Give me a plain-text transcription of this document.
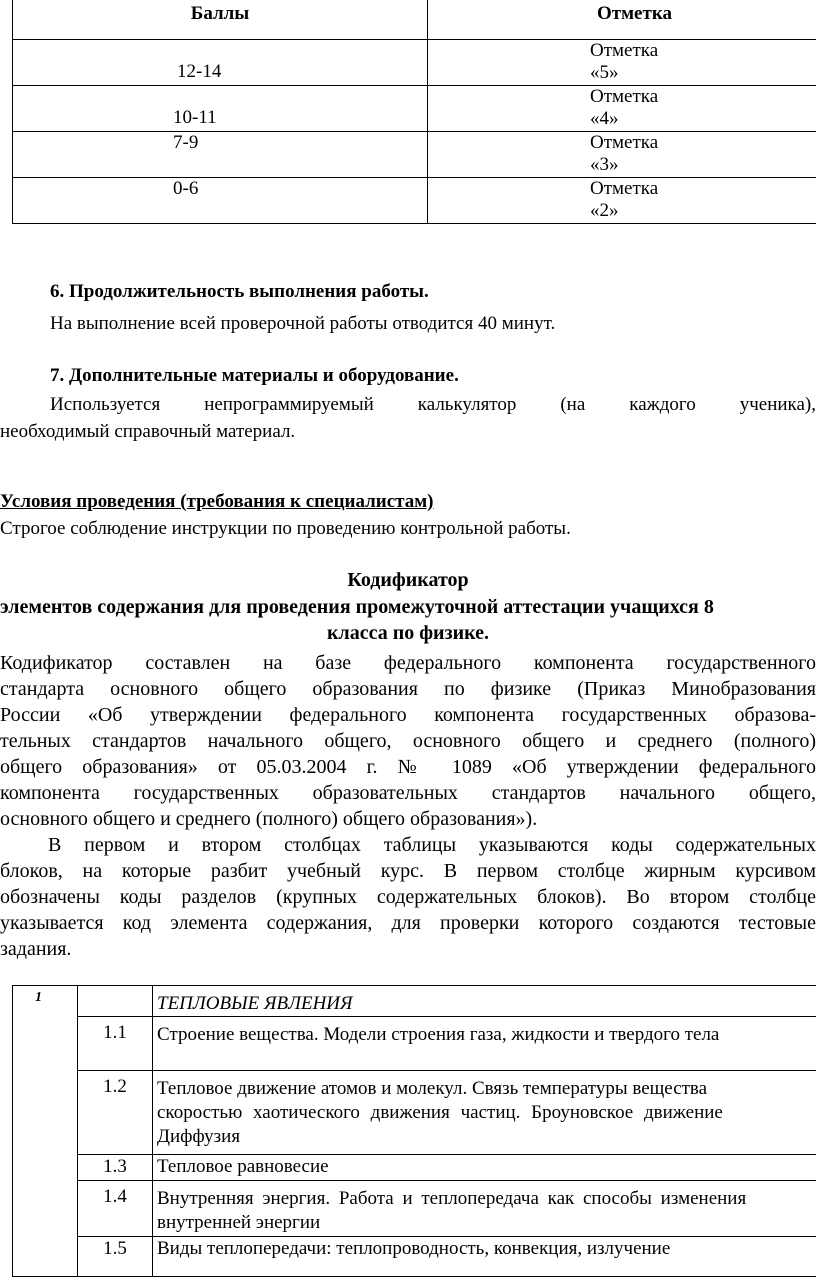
Баллы	Отметка

12-14	Отметка
«5»

10-11	Отметка
«4»

7-9	Отметка
«3»

0-6	Отметка
«2»
6. Продолжительность выполнения работы.
На выполнение всей проверочной работы отводится 40 минут.
7. Дополнительные материалы и оборудование.
Используется непрограммируемый калькулятор (на каждого ученика),
необходимый справочный материал.
Условия проведения (требования к специалистам)
Строгое соблюдение инструкции по проведению контрольной работы.
Кодификатор
элементов содержания для проведения промежуточной аттестации учащихся 8
класса по физике.
Кодификатор составлен на базе федерального компонента государственного
стандарта основного общего образования по физике (Приказ Минобразования
России «Об утверждении федерального компонента государственных образова-
тельных стандартов начального общего, основного общего и среднего (полного)
общего образования» от 05.03.2004 г. № 1089 «Об утверждении федерального
компонента государственных образовательных стандартов начального общего,
основного общего и среднего (полного) общего образования»).
В первом и втором столбцах таблицы указываются коды содержательных
блоков, на которые разбит учебный курс. В первом столбце жирным курсивом
обозначены коды разделов (крупных содержательных блоков). Во втором столбце
указывается код элемента содержания, для проверки которого создаются тестовые
задания.
1		ТЕПЛОВЫЕ ЯВЛЕНИЯ
	1.1	Строение вещества. Модели строения газа, жидкости и твердого тела

	1.2	Тепловое движение атомов и молекул. Связь температуры вещества
скоростью хаотического движения частиц. Броуновское движение
Диффузия

	1.3	Тепловое равновесие

	1.4	Внутренняя энергия. Работа и теплопередача как способы изменения
внутренней энергии

	1.5	Виды теплопередачи: теплопроводность, конвекция, излучение
